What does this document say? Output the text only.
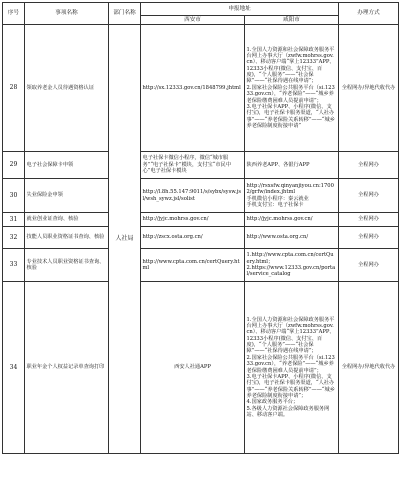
序号	事项名称	部门名称	申报地址		办理方式
			西安市	咸阳市	
28	领取养老金人员待遇资格认证	人社局	http://sx.12333.gov.cn/1848799.jhtml	1.全国人力资源和社会保障政务服务平台网上办事大厅（zwfw.mohrss.gov.cn）、移动客户端“掌上12333”APP、12333小程序(微信、支付宝、百度)，“个人服务”——“社会保障”——“社保待遇在线申请”；
2.国家社会保险公共服务平台（si.12333.gov.cn），“养老保险”——“城乡养老保险缴费困难人员提前申请”；
3.电子社保卡APP、小程序(微信、支付宝)，电子社保卡服务渠道，“人社办事”——“养老保险关系转移”——“城乡养老保险制度衔接申请”	全程网办/异地代收代办
29	电子社会保障卡申领		电子社保卡微信小程序，微信“城市服务”“电子社保卡”模块，支付宝“市民中心”电子社保卡模块	陕西养老APP、各银行APP	全程网办
30	失业保险金申领		http://l.8h.55.147:9011/s/sybx/sysw.jsl/wsh_sywz.jsl/solist	http://rsxsfw.qinyanjiyou.cn:17002/grfw/index.jhtml
手机微信小程序：秦云就业
手机支付宝：电子社保卡	全程网办
31	就业创业证查询、核验		http://jyjc.mohrss.gov.cn/	http://jyjc.mohrss.gov.cn/	全程网办
32	技能人员职业资格证书查询、核验		http://zscx.osta.org.cn/	http://www.osta.org.cn/	全程网办
33	专业技术人员职业资格证书查询、核验		http://www.cpta.com.cn/certQuery.html	1.http://www.cpta.com.cn/certQuery.html；
2.https://www.12333.gov.cn/portal/service_catalog	全程网办
34	职业年金个人权益记录单查询打印		西安人社通APP	1.全国人力资源和社会保障政务服务平台网上办事大厅（zwfw.mohrss.gov.cn）、移动客户端“掌上12333”APP、12333小程序(微信、支付宝、百度)，“个人服务”——“社会保障”——“社保待遇在线申请”；
2.国家社会保险公共服务平台（si.12333.gov.cn），“养老保险”——“城乡养老保险缴费困难人员提前申请”；
3.电子社保卡APP、小程序(微信、支付宝)，电子社保卡服务渠道，“人社办事”——“养老保险关系转移”——“城乡养老保险制度衔接申请”；
4.国家政务服务平台；
5.各级人力资源社会保障政务服务网站、移动客户端。	全程网办/异地代收代办
